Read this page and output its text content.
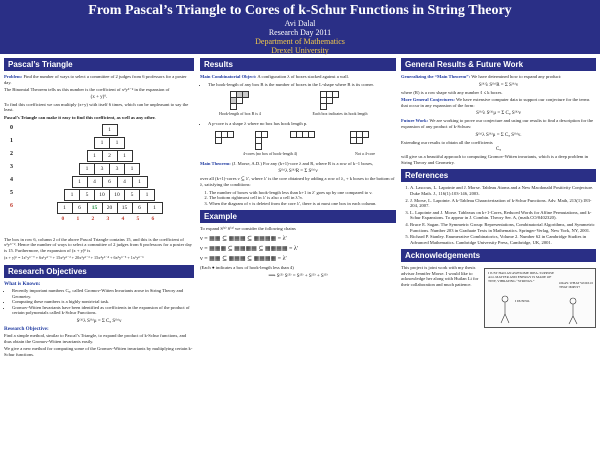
From Pascal’s Triangle to Cores of k-Schur Functions in String Theory
Avi Dalal
Research Day 2011
Department of Mathematics
Drexel University
Pascal’s Triangle

Problem: Find the number of ways to select a committee of 2 judges from 6 professors for a poster day.

The Binomial Theorem tells us this number is the coefficient of x²y⁶⁻² in the expansion of

(x + y)⁶.

To find this coefficient we can multiply (x+y) with itself 6 times, which can be unpleasant to say the least.

Pascal’s Triangle can make it easy to find this coefficient, as well as any other.

0	1
1	1	1
2	1	2	1
3	1	3	3	1
4	1	4	6	4	1
5	1	5	10	10	5	1
6	1	6	15	20	15	6	1
0 1 2 3 4 5 6

The box in row 6, column 2 of the above Pascal Triangle contains 15, and this is the coefficient of x²y⁶⁻². Hence the number of ways to select a committee of 2 judges from 6 professors for a poster day is 15. Furthermore, the expansion of (x + y)⁶ is

(x + y)⁶ = 1x⁰y⁶⁻⁰ + 6x¹y⁶⁻¹ + 15x²y⁶⁻² + 20x³y⁶⁻³ + 15x⁴y⁶⁻⁴ + 6x⁵y⁶⁻⁵ + 1x⁶y⁶⁻⁶

Research Objectives
What is Known:
• Recently important numbers Cᵩ, called Gromov-Witten Invariants arose in String Theory and Geometry.
• Computing these numbers is a highly nontrivial task.
• Gromov-Witten Invariants have been identified as coefficients in the expansion of the product of certain polynomials called k-Schur Functions.
S⁽ᵏ⁾λ S⁽ᵏ⁾μ = Σ Cᵩ S⁽ᵏ⁾ν
Research Objective:

Find a simple method, similar to Pascal’s Triangle, to expand the product of k-Schur functions, and thus obtain the Gromov-Witten invariants easily.

We give a new method for computing some of the Gromov-Witten invariants by multiplying certain k-Schur functions.

Results

Main Combinatorial Object: A configuration λ of boxes stacked against a wall.

• The hook-length of any box B is the number of boxes in the L-shape where B is its corner.
Hook-length of box B is 4	Each box indicates its hook length
• A p-core is a shape λ where no box has hook length p.
4-cores (no box of hook-length 4)	Not a 4-core

Main Theorem: (J. Morse, A.D.) For any (k+1)-core λ and R, where R is a row of k−1 boxes,

S⁽ᵏ⁾λ S⁽ᵏ⁾R = Σ S⁽ᵏ⁾ν

over all (k+1)-cores ν ⊆ λ′, where λ′ is the core obtained by adding a row of λ₁ + k boxes to the bottom of λ, satisfying the conditions:

1. The number of boxes with hook-length less than k+1 in λ′ goes up by one compared to ν.
2. The bottom rightmost cell in λ′ is also a cell in λ′/ν.
3. When the diagram of ν is deleted from the core λ′, there is at most one box in each column.
Example

To expand S⁽³⁾ S⁽³⁾ we consider the following chains

ν = ▦▦ ⊆ ▦▦▦ ⊆ ▦▦▦▦ = λ′
ν = ▦▦▦ ⊆ ▦▦▦▦ ⊆ ▦▦▦▦ = λ′
ν = ▦▦ ⊆ ▦▦▦ ⊆ ▦▦▦▦ = λ′

(Each ● indicates a box of hook-length less than 4)

⟹ S⁽³⁾ S⁽³⁾ = S⁽³⁾ + S⁽³⁾ + S⁽³⁾
General Results & Future Work

Generalizing the “Main Theorem”: We have determined how to expand any product:

S⁽ᵏ⁾λ S⁽ᵏ⁾R = Σ S⁽ᵏ⁾ν

where (R) is a row shape with any number ℓ ≤ k boxes.

More General Conjectures: We have extensive computer data to support our conjecture for the terms that occur in any expansion of the form:

S⁽ᵏ⁾λ S⁽ᵏ⁾μ = Σ Cᵩ S⁽ᵏ⁾ν

Future Work: We are working to prove our conjecture and using our results to find a description for the expansion of any product of k-Schurs:

S⁽ᵏ⁾λ S⁽ᵏ⁾μ = Σ Cᵩ S⁽ᵏ⁾ν.

Extending our results to obtain all the coefficients

Cᵩ

will give us a beautiful approach to computing Gromov-Witten invariants, which is a deep problem in String Theory and Geometry.

References
1. A. Lascoux, L. Lapointe and J. Morse. Tableau Atoms and a New Macdonald Positivity Conjecture. Duke Math. J., 116(1):103-146, 2003.
2. J. Morse, L. Lapointe. A k-Tableau Characterization of k-Schur Functions. Adv. Math, 213(1):183-204, 2007.
3. L. Lapointe and J. Morse. Tableaux on k+1-Cores, Reduced Words for Affine Permutations, and k-Schur Expansions. To appear in J. Combin. Theory Ser. A, (math.CO/0402320).
4. Bruce E. Sagan. The Symmetric Group: Representations, Combinatorial Algorithms, and Symmetric Functions. Number 203 in Graduate Texts in Mathematics. Springer-Verlag, New York, NY, 2001.
5. Richard P. Stanley. Enumerative Combinatorics, Volume 2. Number 62 in Cambridge Studies in Advanced Mathematics. Cambridge University Press, Cambridge, UK, 2001.
Acknowledgements

This project is joint work with my thesis advisor Jennifer Morse. I would like to acknowledge her along with Huilan Li for their collaboration and much patience.

I JUST HAD AN AWESOME IDEA. SUPPOSE ALL MATTER AND ENERGY IS MADE OF TINY, VIBRATING “STRINGS.”	OKAY. WHAT WOULD THAT IMPLY?
I DUNNO.
